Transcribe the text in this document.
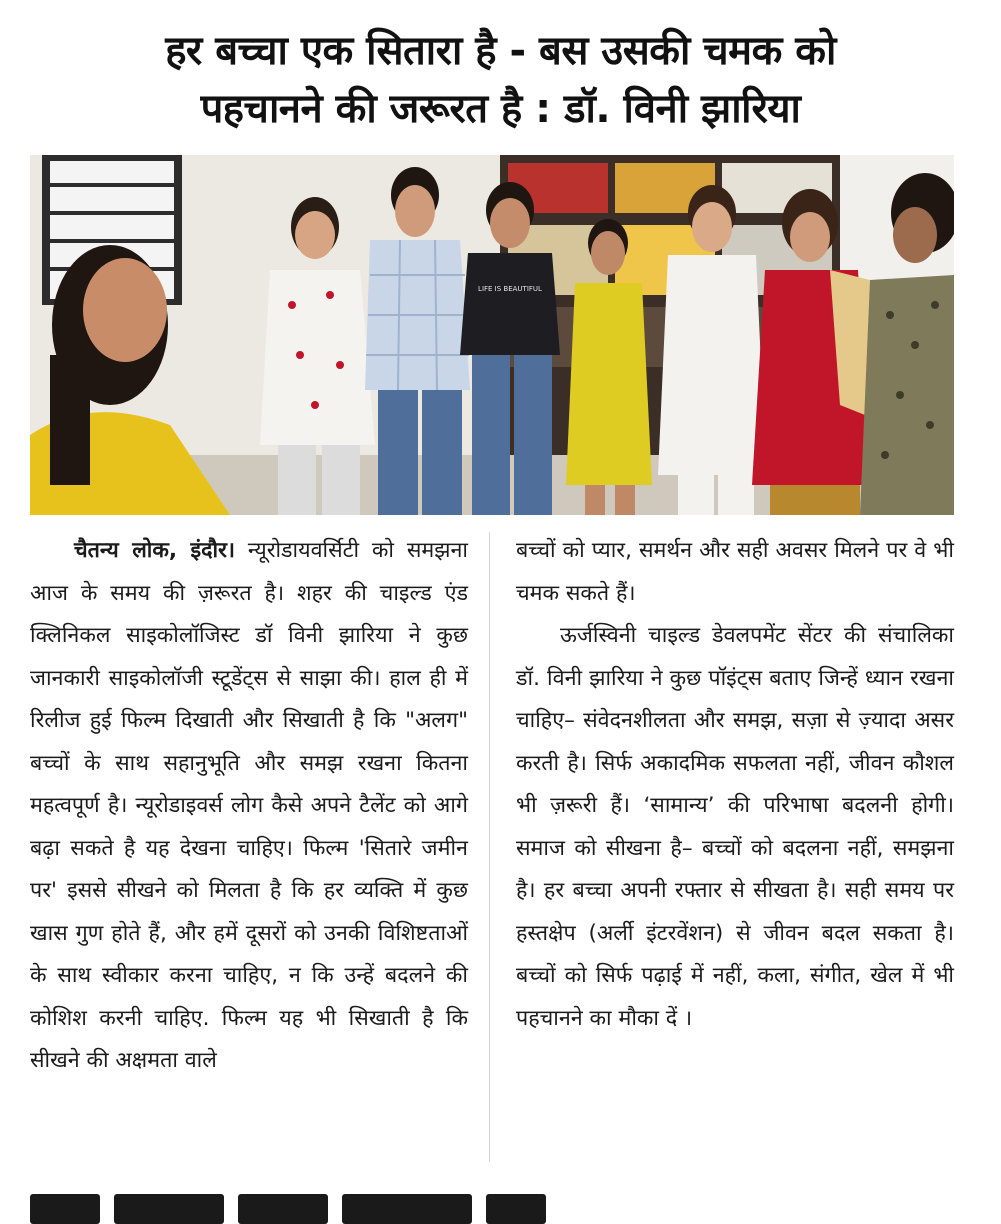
हर बच्चा एक सितारा है - बस उसकी चमक को
पहचानने की जरूरत है : डॉ. विनी झारिया
LIFE IS BEAUTIFUL

चैतन्य लोक, इंदौर। न्यूरोडायवर्सिटी को समझना आज के समय की ज़रूरत है। शहर की चाइल्ड एंड क्लिनिकल साइकोलॉजिस्ट डॉ विनी झारिया ने कुछ जानकारी साइकोलॉजी स्टूडेंट्स से साझा की। हाल ही में रिलीज हुई फिल्म दिखाती और सिखाती है कि "अलग" बच्चों के साथ सहानुभूति और समझ रखना कितना महत्वपूर्ण है। न्यूरोडाइवर्स लोग कैसे अपने टैलेंट को आगे बढ़ा सकते है यह देखना चाहिए। फिल्म 'सितारे जमीन पर' इससे सीखने को मिलता है कि हर व्यक्ति में कुछ खास गुण होते हैं, और हमें दूसरों को उनकी विशिष्टताओं के साथ स्वीकार करना चाहिए, न कि उन्हें बदलने की कोशिश करनी चाहिए. फिल्म यह भी सिखाती है कि सीखने की अक्षमता वाले

बच्चों को प्यार, समर्थन और सही अवसर मिलने पर वे भी चमक सकते हैं।

ऊर्जस्विनी चाइल्ड डेवलपमेंट सेंटर की संचालिका डॉ. विनी झारिया ने कुछ पॉइंट्स बताए जिन्हें ध्यान रखना चाहिए– संवेदनशीलता और समझ, सज़ा से ज़्यादा असर करती है। सिर्फ अकादमिक सफलता नहीं, जीवन कौशल भी ज़रूरी हैं। ‘सामान्य’ की परिभाषा बदलनी होगी। समाज को सीखना है– बच्चों को बदलना नहीं, समझना है। हर बच्चा अपनी रफ्तार से सीखता है। सही समय पर हस्तक्षेप (अर्ली इंटरवेंशन) से जीवन बदल सकता है। बच्चों को सिर्फ पढ़ाई में नहीं, कला, संगीत, खेल में भी पहचानने का मौका दें ।
